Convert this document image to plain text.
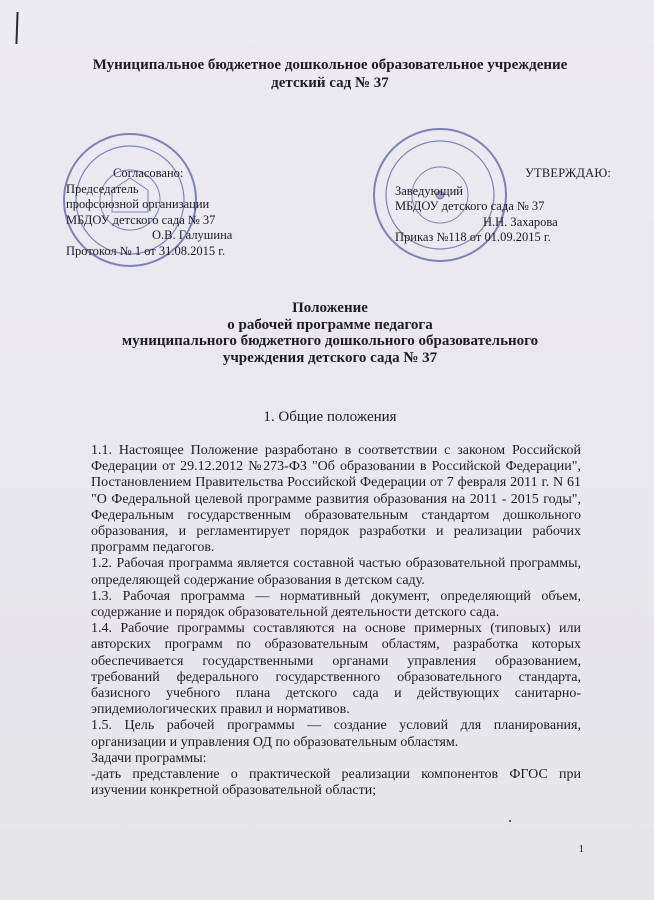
Муниципальное бюджетное дошкольное образовательное учреждение
детский сад № 37
Согласовано:
Председатель
профсоюзной организации
МБДОУ детского сада № 37
О.В. Галушина
Протокол № 1 от 31.08.2015 г.
УТВЕРЖДАЮ:
Заведующий
МБДОУ детского сада № 37
Н.Н. Захарова
Приказ №118 от 01.09.2015 г.
Положение
о рабочей программе педагога
муниципального бюджетного дошкольного образовательного
учреждения детского сада № 37
1. Общие положения

1.1. Настоящее Положение разработано в соответствии с законом Российской Федерации от 29.12.2012 №273-ФЗ "Об образовании в Российской Федерации", Постановлением Правительства Российской Федерации от 7 февраля 2011 г. N 61 "О Федеральной целевой программе развития образования на 2011 - 2015 годы", Федеральным государственным образовательным стандартом дошкольного образования, и регламентирует порядок разработки и реализации рабочих программ педагогов.

1.2. Рабочая программа является составной частью образовательной программы, определяющей содержание образования в детском саду.

1.3. Рабочая программа — нормативный документ, определяющий объем, содержание и порядок образовательной деятельности детского сада.

1.4. Рабочие программы составляются на основе примерных (типовых) или авторских программ по образовательным областям, разработка которых обеспечивается государственными органами управления образованием, требований федерального государственного образовательного стандарта, базисного учебного плана детского сада и действующих санитарно-эпидемиологических правил и нормативов.

1.5. Цель рабочей программы — создание условий для планирования, организации и управления ОД по образовательным областям.

Задачи программы:

-дать представление о практической реализации компонентов ФГОС при изучении конкретной образовательной области;

1
